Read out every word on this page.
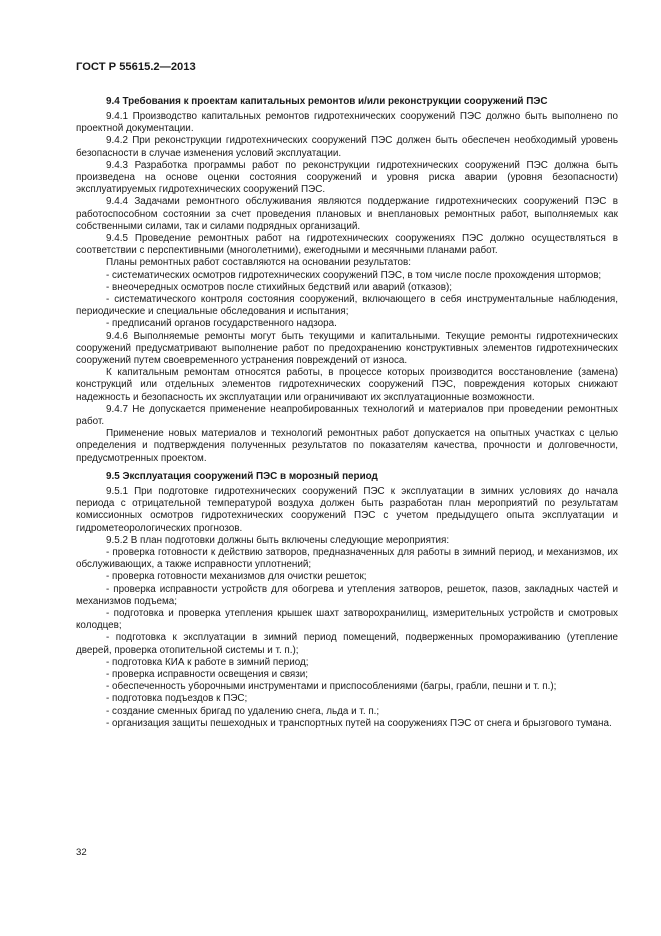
ГОСТ Р 55615.2—2013
9.4 Требования к проектам капитальных ремонтов и/или реконструкции сооружений ПЭС

9.4.1 Производство капитальных ремонтов гидротехнических сооружений ПЭС должно быть выполнено по проектной документации.

9.4.2 При реконструкции гидротехнических сооружений ПЭС должен быть обеспечен необходимый уровень безопасности в случае изменения условий эксплуатации.

9.4.3 Разработка программы работ по реконструкции гидротехнических сооружений ПЭС должна быть произведена на основе оценки состояния сооружений и уровня риска аварии (уровня безопасности) эксплуатируемых гидротехнических сооружений ПЭС.

9.4.4 Задачами ремонтного обслуживания являются поддержание гидротехнических сооружений ПЭС в работоспособном состоянии за счет проведения плановых и внеплановых ремонтных работ, выполняемых как собственными силами, так и силами подрядных организаций.

9.4.5 Проведение ремонтных работ на гидротехнических сооружениях ПЭС должно осуществляться в соответствии с перспективными (многолетними), ежегодными и месячными планами работ.

Планы ремонтных работ составляются на основании результатов:

- систематических осмотров гидротехнических сооружений ПЭС, в том числе после прохождения штормов;

- внеочередных осмотров после стихийных бедствий или аварий (отказов);

- систематического контроля состояния сооружений, включающего в себя инструментальные наблюдения, периодические и специальные обследования и испытания;

- предписаний органов государственного надзора.

9.4.6 Выполняемые ремонты могут быть текущими и капитальными. Текущие ремонты гидротехнических сооружений предусматривают выполнение работ по предохранению конструктивных элементов гидротехнических сооружений путем своевременного устранения повреждений от износа.

К капитальным ремонтам относятся работы, в процессе которых производится восстановление (замена) конструкций или отдельных элементов гидротехнических сооружений ПЭС, повреждения которых снижают надежность и безопасность их эксплуатации или ограничивают их эксплуатационные возможности.

9.4.7 Не допускается применение неапробированных технологий и материалов при проведении ремонтных работ.

Применение новых материалов и технологий ремонтных работ допускается на опытных участках с целью определения и подтверждения полученных результатов по показателям качества, прочности и долговечности, предусмотренных проектом.

9.5 Эксплуатация сооружений ПЭС в морозный период

9.5.1 При подготовке гидротехнических сооружений ПЭС к эксплуатации в зимних условиях до начала периода с отрицательной температурой воздуха должен быть разработан план мероприятий по результатам комиссионных осмотров гидротехнических сооружений ПЭС с учетом предыдущего опыта эксплуатации и гидрометеорологических прогнозов.

9.5.2 В план подготовки должны быть включены следующие мероприятия:

- проверка готовности к действию затворов, предназначенных для работы в зимний период, и механизмов, их обслуживающих, а также исправности уплотнений;

- проверка готовности механизмов для очистки решеток;

- проверка исправности устройств для обогрева и утепления затворов, решеток, пазов, закладных частей и механизмов подъема;

- подготовка и проверка утепления крышек шахт затворохранилищ, измерительных устройств и смотровых колодцев;

- подготовка к эксплуатации в зимний период помещений, подверженных промораживанию (утепление дверей, проверка отопительной системы и т. п.);

- подготовка КИА к работе в зимний период;

- проверка исправности освещения и связи;

- обеспеченность уборочными инструментами и приспособлениями (багры, грабли, пешни и т. п.);

- подготовка подъездов к ПЭС;

- создание сменных бригад по удалению снега, льда и т. п.;

- организация защиты пешеходных и транспортных путей на сооружениях ПЭС от снега и брызгового тумана.

32
